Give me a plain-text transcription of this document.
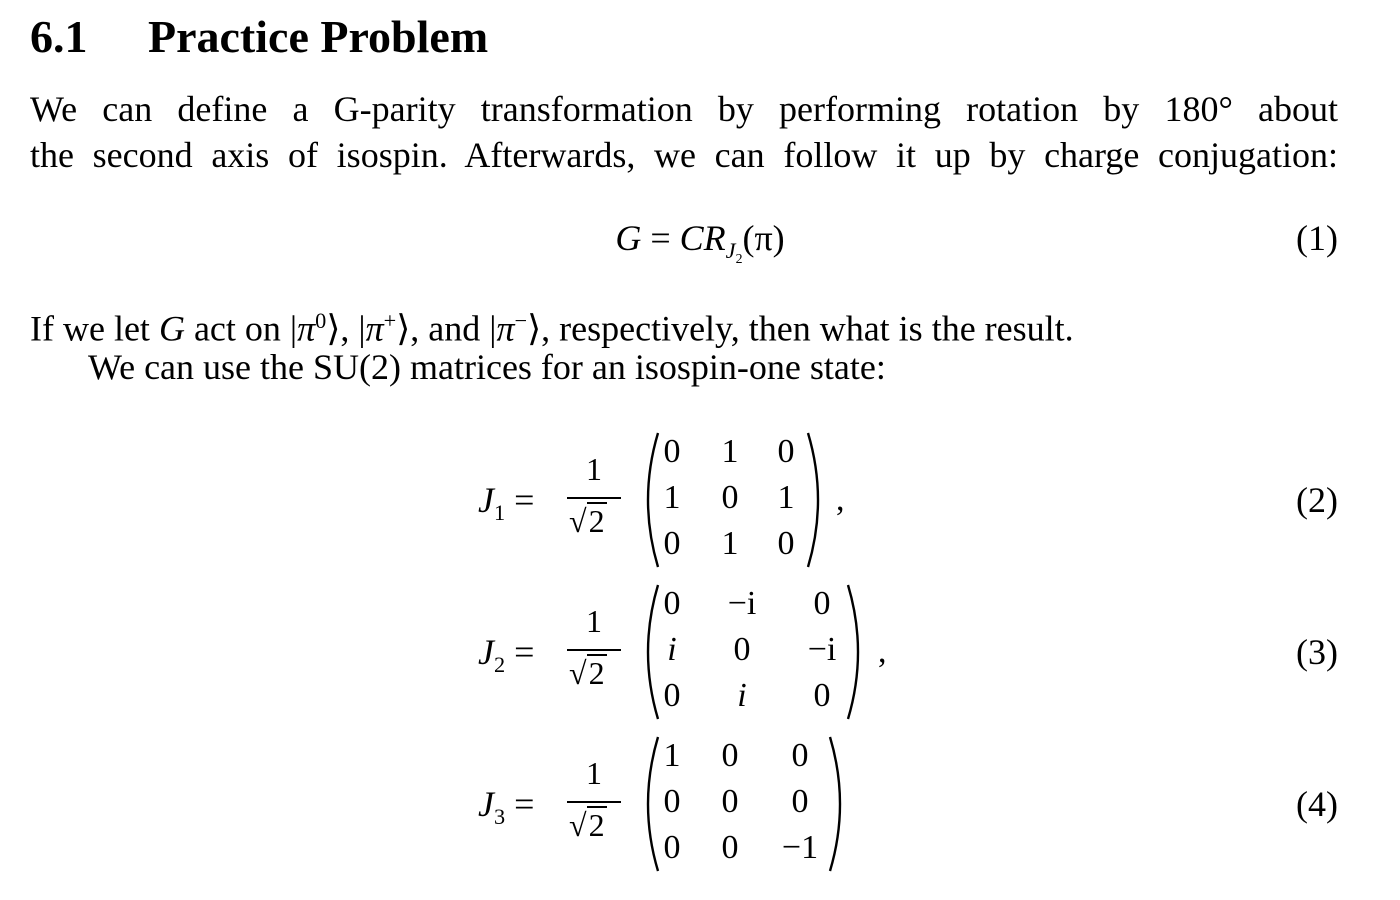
6.1 Practice Problem
We can define a G-parity transformation by performing rotation by 180° about
the second axis of isospin. Afterwards, we can follow it up by charge conjugation:
$G = CR_{J_2}(\pi)$	(1)
If we let G act on $|\pi^0⟩$, |π+⟩, and |π−⟩, respectively, then what is the result.
We can use the SU(2) matrices for an isospin-one state:
$J_1$ =
1
√2
0	1	0
1	0	1
0	1	0
,	(2)
$J_2$ =
1
√2
0	−i	0
i	0	−i
0	i	0
,	(3)
$J_3$ =
1
√2
1	0	0
0	0	0
0	0	−1
(4)
